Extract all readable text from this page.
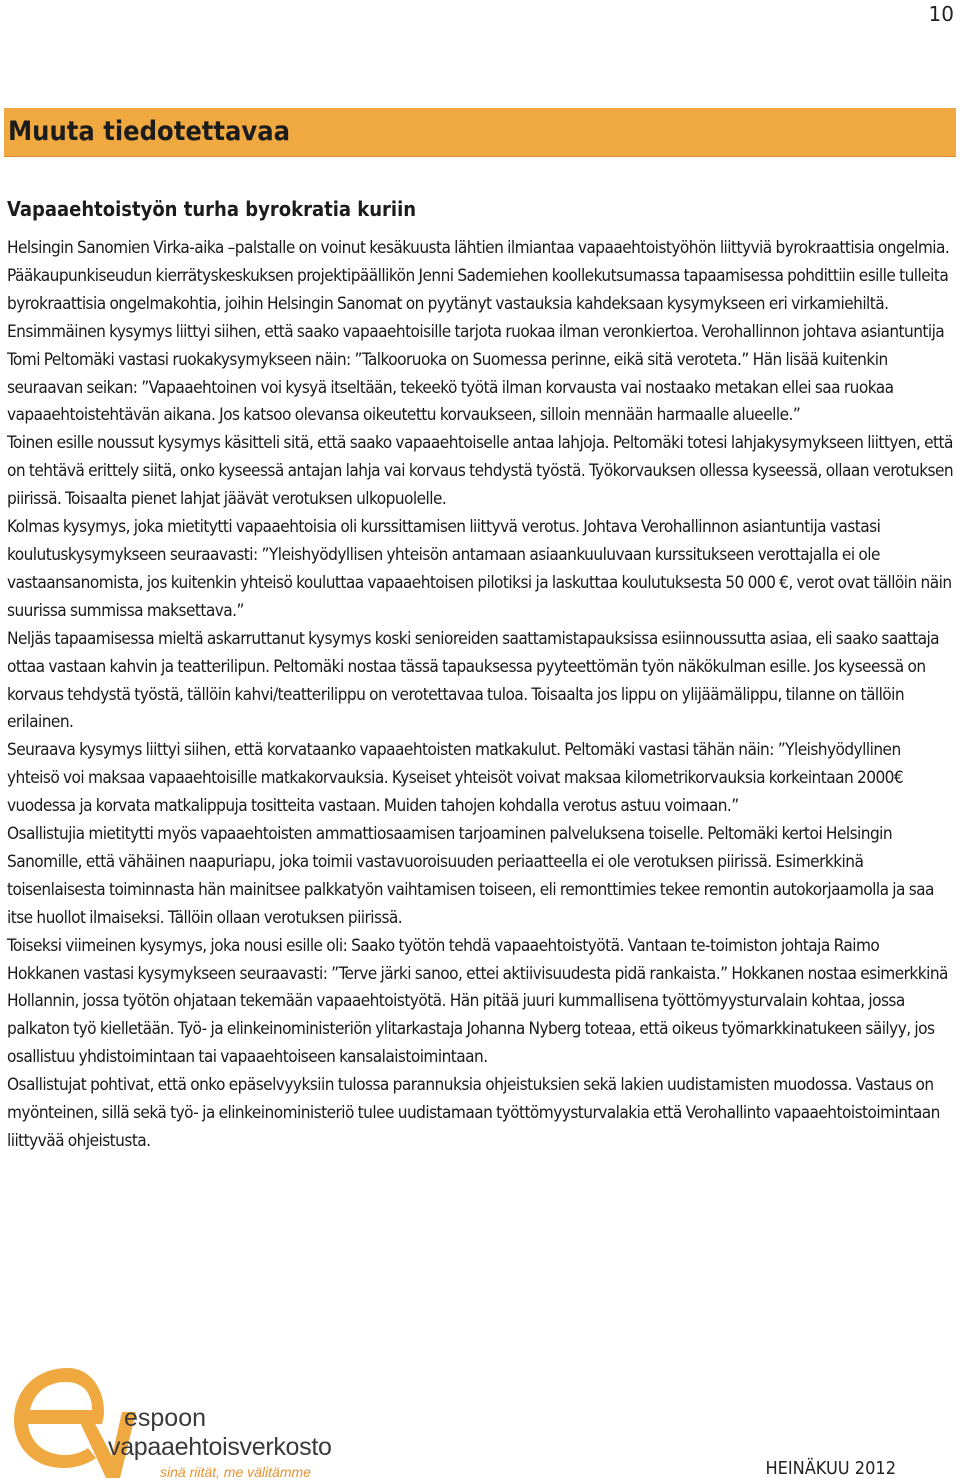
10
Muuta tiedotettavaa
Vapaaehtoistyön turha byrokratia kuriin

Helsingin Sanomien Virka-aika –palstalle on voinut kesäkuusta lähtien ilmiantaa vapaaehtoistyöhön liittyviä byrokraattisia ongelmia. Pääkaupunkiseudun kierrätyskeskuksen projektipäällikön Jenni Sademiehen koollekutsumassa tapaamisessa pohdittiin esille tulleita byrokraattisia ongelmakohtia, joihin Helsingin Sanomat on pyytänyt vastauksia kahdeksaan kysymykseen eri virkamiehiltä.

Ensimmäinen kysymys liittyi siihen, että saako vapaaehtoisille tarjota ruokaa ilman veronkiertoa. Verohallinnon johtava asiantuntija Tomi Peltomäki vastasi ruokakysymykseen näin: ”Talkooruoka on Suomessa perinne, eikä sitä veroteta.” Hän lisää kuitenkin seuraavan seikan: ”Vapaaehtoinen voi kysyä itseltään, tekeekö työtä ilman korvausta vai nostaako metakan ellei saa ruokaa vapaaehtoistehtävän aikana. Jos katsoo olevansa oikeutettu korvaukseen, silloin mennään harmaalle alueelle.”

Toinen esille noussut kysymys käsitteli sitä, että saako vapaaehtoiselle antaa lahjoja. Peltomäki totesi lahjakysymykseen liittyen, että on tehtävä erittely siitä, onko kyseessä antajan lahja vai korvaus tehdystä työstä. Työkorvauksen ollessa kyseessä, ollaan verotuksen piirissä. Toisaalta pienet lahjat jäävät verotuksen ulkopuolelle.

Kolmas kysymys, joka mietitytti vapaaehtoisia oli kurssittamisen liittyvä verotus. Johtava Verohallinnon asiantuntija vastasi koulutuskysymykseen seuraavasti: ”Yleishyödyllisen yhteisön antamaan asiaankuuluvaan kurssitukseen verottajalla ei ole vastaansanomista, jos kuitenkin yhteisö kouluttaa vapaaehtoisen pilotiksi ja laskuttaa koulutuksesta 50 000 €, verot ovat tällöin näin suurissa summissa maksettava.”

Neljäs tapaamisessa mieltä askarruttanut kysymys koski senioreiden saattamistapauksissa esiinnoussutta asiaa, eli saako saattaja ottaa vastaan kahvin ja teatterilipun. Peltomäki nostaa tässä tapauksessa pyyteettömän työn näkökulman esille. Jos kyseessä on korvaus tehdystä työstä, tällöin kahvi/teatterilippu on verotettavaa tuloa. Toisaalta jos lippu on ylijäämälippu, tilanne on tällöin erilainen.

Seuraava kysymys liittyi siihen, että korvataanko vapaaehtoisten matkakulut. Peltomäki vastasi tähän näin: ”Yleishyödyllinen yhteisö voi maksaa vapaaehtoisille matkakorvauksia. Kyseiset yhteisöt voivat maksaa kilometrikorvauksia korkeintaan 2000€ vuodessa ja korvata matkalippuja tositteita vastaan. Muiden tahojen kohdalla verotus astuu voimaan.”

Osallistujia mietitytti myös vapaaehtoisten ammattiosaamisen tarjoaminen palveluksena toiselle. Peltomäki kertoi Helsingin Sanomille, että vähäinen naapuriapu, joka toimii vastavuoroisuuden periaatteella ei ole verotuksen piirissä. Esimerkkinä toisenlaisesta toiminnasta hän mainitsee palkkatyön vaihtamisen toiseen, eli remonttimies tekee remontin autokorjaamolla ja saa itse huollot ilmaiseksi. Tällöin ollaan verotuksen piirissä.

Toiseksi viimeinen kysymys, joka nousi esille oli: Saako työtön tehdä vapaaehtoistyötä. Vantaan te-toimiston johtaja Raimo Hokkanen vastasi kysymykseen seuraavasti: ”Terve järki sanoo, ettei aktiivisuudesta pidä rankaista.” Hokkanen nostaa esimerkkinä Hollannin, jossa työtön ohjataan tekemään vapaaehtoistyötä. Hän pitää juuri kummallisena työttömyysturvalain kohtaa, jossa palkaton työ kielletään. Työ- ja elinkeinoministeriön ylitarkastaja Johanna Nyberg toteaa, että oikeus työmarkkinatukeen säilyy, jos osallistuu yhdistoimintaan tai vapaaehtoiseen kansalaistoimintaan.

Osallistujat pohtivat, että onko epäselvyyksiin tulossa parannuksia ohjeistuksien sekä lakien uudistamisten muodossa. Vastaus on myönteinen, sillä sekä työ- ja elinkeinoministeriö tulee uudistamaan työttömyysturvalakia että Verohallinto vapaaehtoistoimintaan liittyvää ohjeistusta.

espoon
vapaaehtoisverkosto
sinä riität, me välitämme	HEINÄKUU 2012
